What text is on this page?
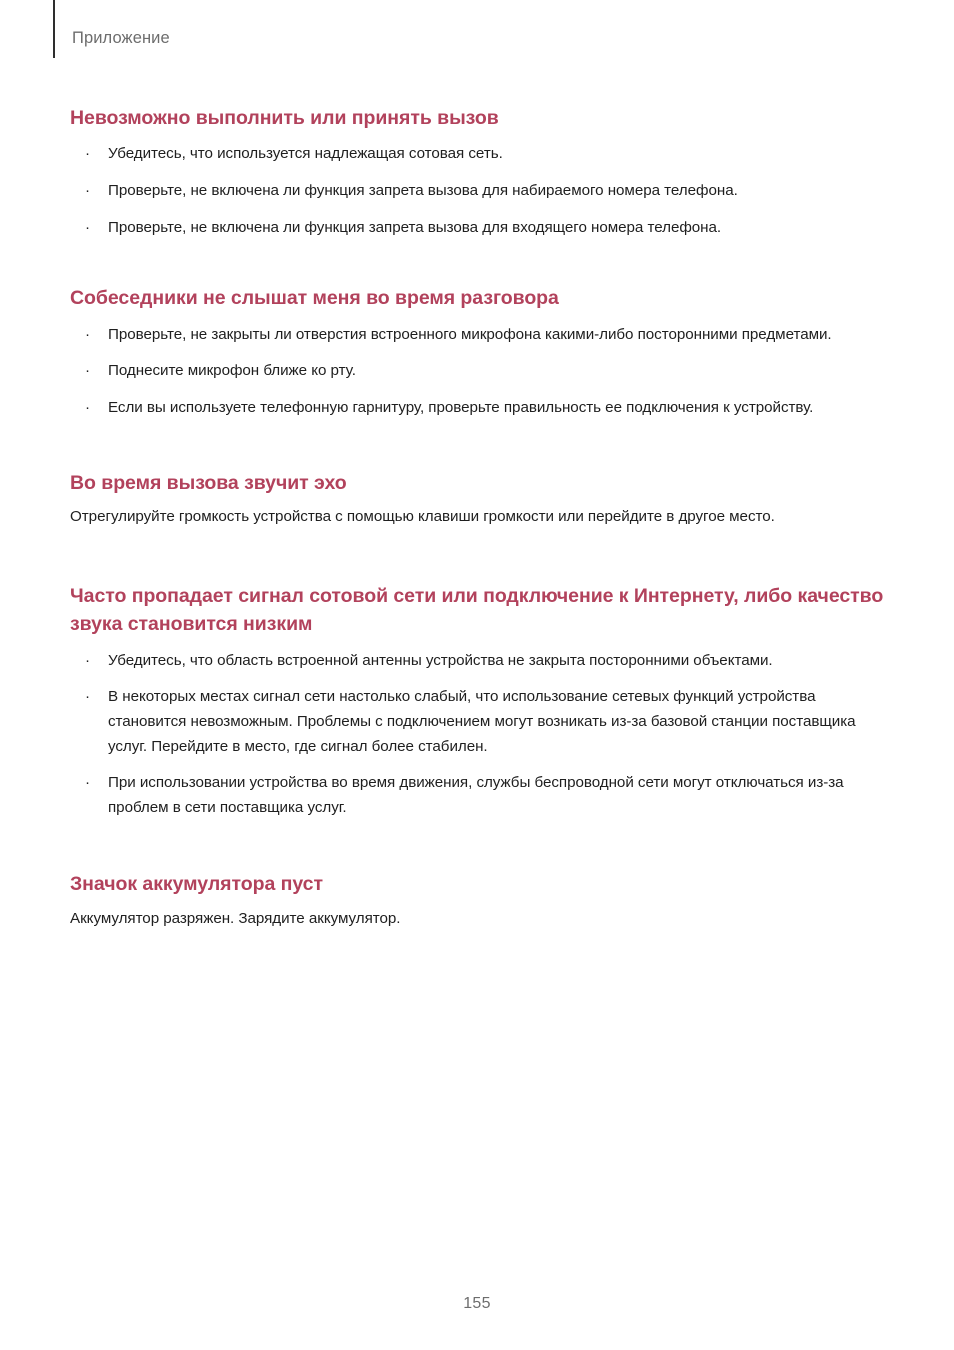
Приложение
Невозможно выполнить или принять вызов
·	Убедитесь, что используется надлежащая сотовая сеть.
·	Проверьте, не включена ли функция запрета вызова для набираемого номера телефона.
·	Проверьте, не включена ли функция запрета вызова для входящего номера телефона.
Собеседники не слышат меня во время разговора
·	Проверьте, не закрыты ли отверстия встроенного микрофона какими-либо посторонними предметами.
·	Поднесите микрофон ближе ко рту.
·	Если вы используете телефонную гарнитуру, проверьте правильность ее подключения к устройству.
Во время вызова звучит эхо

Отрегулируйте громкость устройства с помощью клавиши громкости или перейдите в другое место.

Часто пропадает сигнал сотовой сети или подключение к Интернету, либо качество звука становится низким
·	Убедитесь, что область встроенной антенны устройства не закрыта посторонними объектами.
·	В некоторых местах сигнал сети настолько слабый, что использование сетевых функций устройства становится невозможным. Проблемы с подключением могут возникать из-за базовой станции поставщика услуг. Перейдите в место, где сигнал более стабилен.
·	При использовании устройства во время движения, службы беспроводной сети могут отключаться из-за проблем в сети поставщика услуг.
Значок аккумулятора пуст

Аккумулятор разряжен. Зарядите аккумулятор.

155
